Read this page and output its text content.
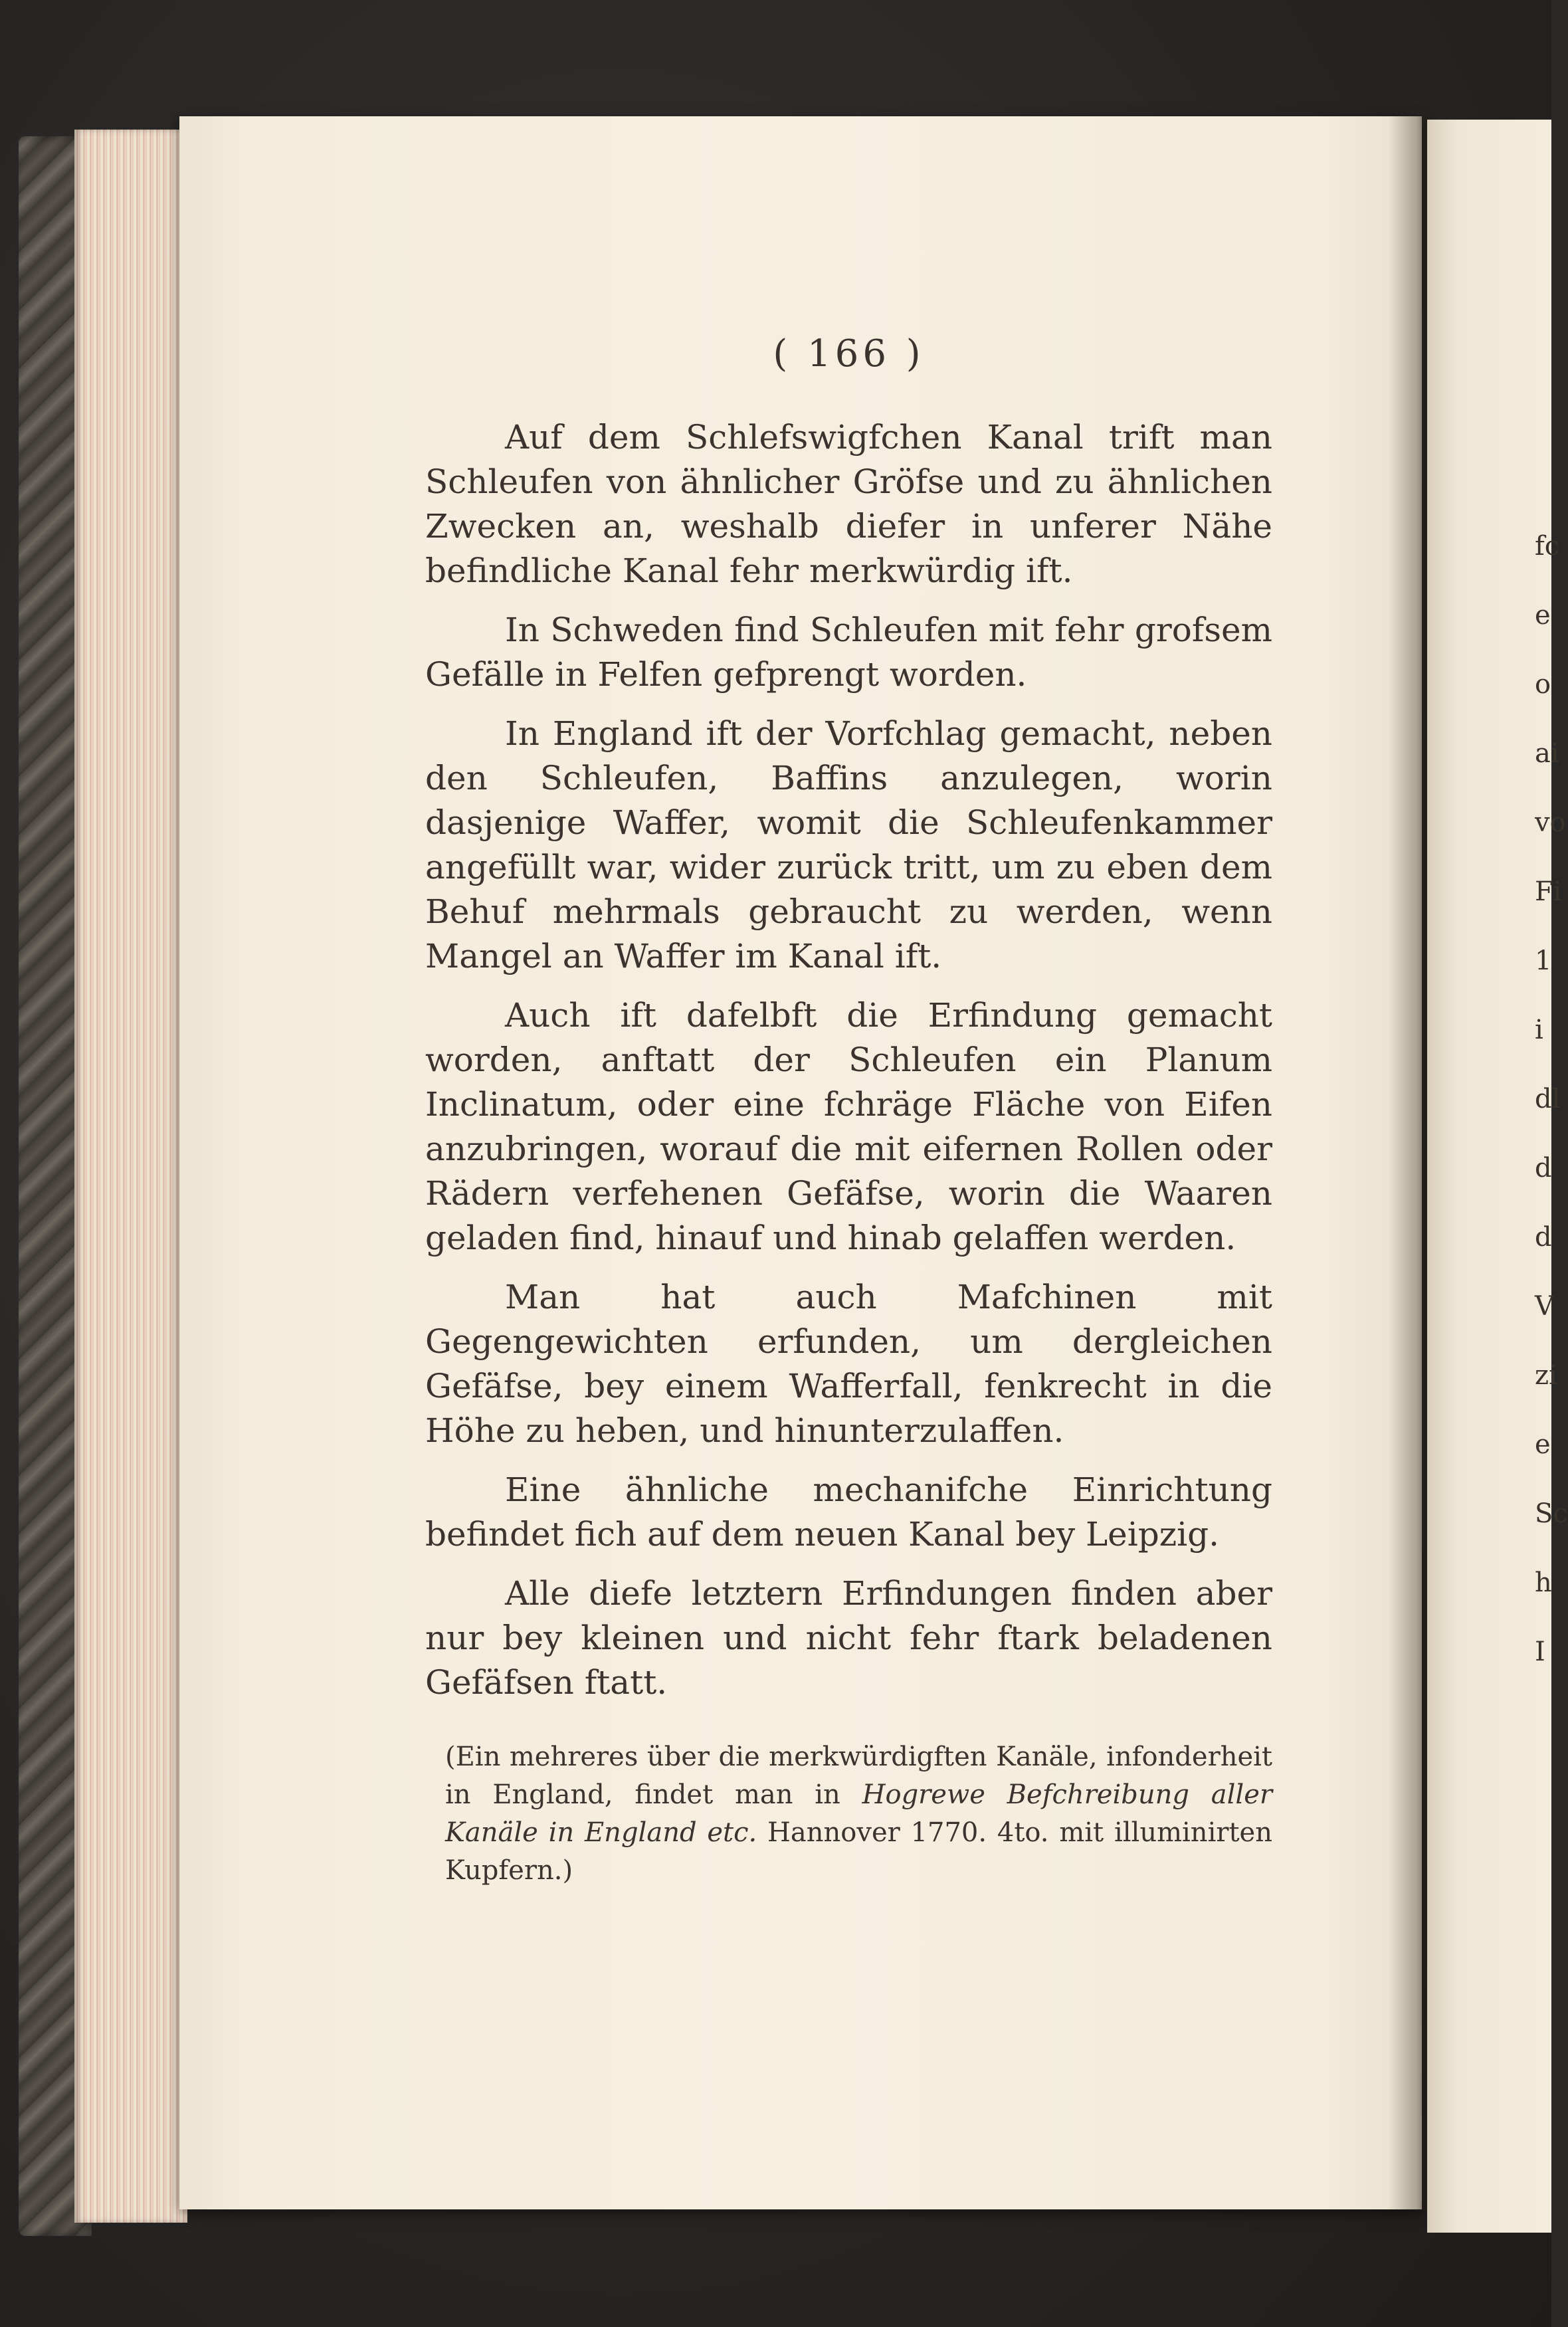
fc
e
o
ai
vo
Fi
1
i
dl
d
d
V
zi
e
Sc
h
I
( 166 )

Auf dem Schlefswigfchen Kanal trift man Schleufen von ähnlicher Gröfse und zu ähnlichen Zwecken an, weshalb diefer in unferer Nähe befindliche Kanal fehr merkwürdig ift.

In Schweden find Schleufen mit fehr grofsem Gefälle in Felfen gefprengt worden.

In England ift der Vorfchlag gemacht, neben den Schleufen, Baffins anzulegen, worin dasjenige Waffer, womit die Schleufenkammer angefüllt war, wider zurück tritt, um zu eben dem Behuf mehrmals gebraucht zu werden, wenn Mangel an Waffer im Kanal ift.

Auch ift dafelbft die Erfindung gemacht worden, anftatt der Schleufen ein Planum Inclinatum, oder eine fchräge Fläche von Eifen anzubringen, worauf die mit eifernen Rollen oder Rädern verfehenen Gefäfse, worin die Waaren geladen find, hinauf und hinab gelaffen werden.

Man hat auch Mafchinen mit Gegengewichten erfunden, um dergleichen Gefäfse, bey einem Wafferfall, fenkrecht in die Höhe zu heben, und hinunterzulaffen.

Eine ähnliche mechanifche Einrichtung befindet fich auf dem neuen Kanal bey Leipzig.

Alle diefe letztern Erfindungen finden aber nur bey kleinen und nicht fehr ftark beladenen Gefäfsen ftatt.

(Ein mehreres über die merkwürdigften Kanäle, infonderheit in England, findet man in Hogrewe Befchreibung aller Kanäle in England etc. Hannover 1770. 4to. mit illuminirten Kupfern.)
